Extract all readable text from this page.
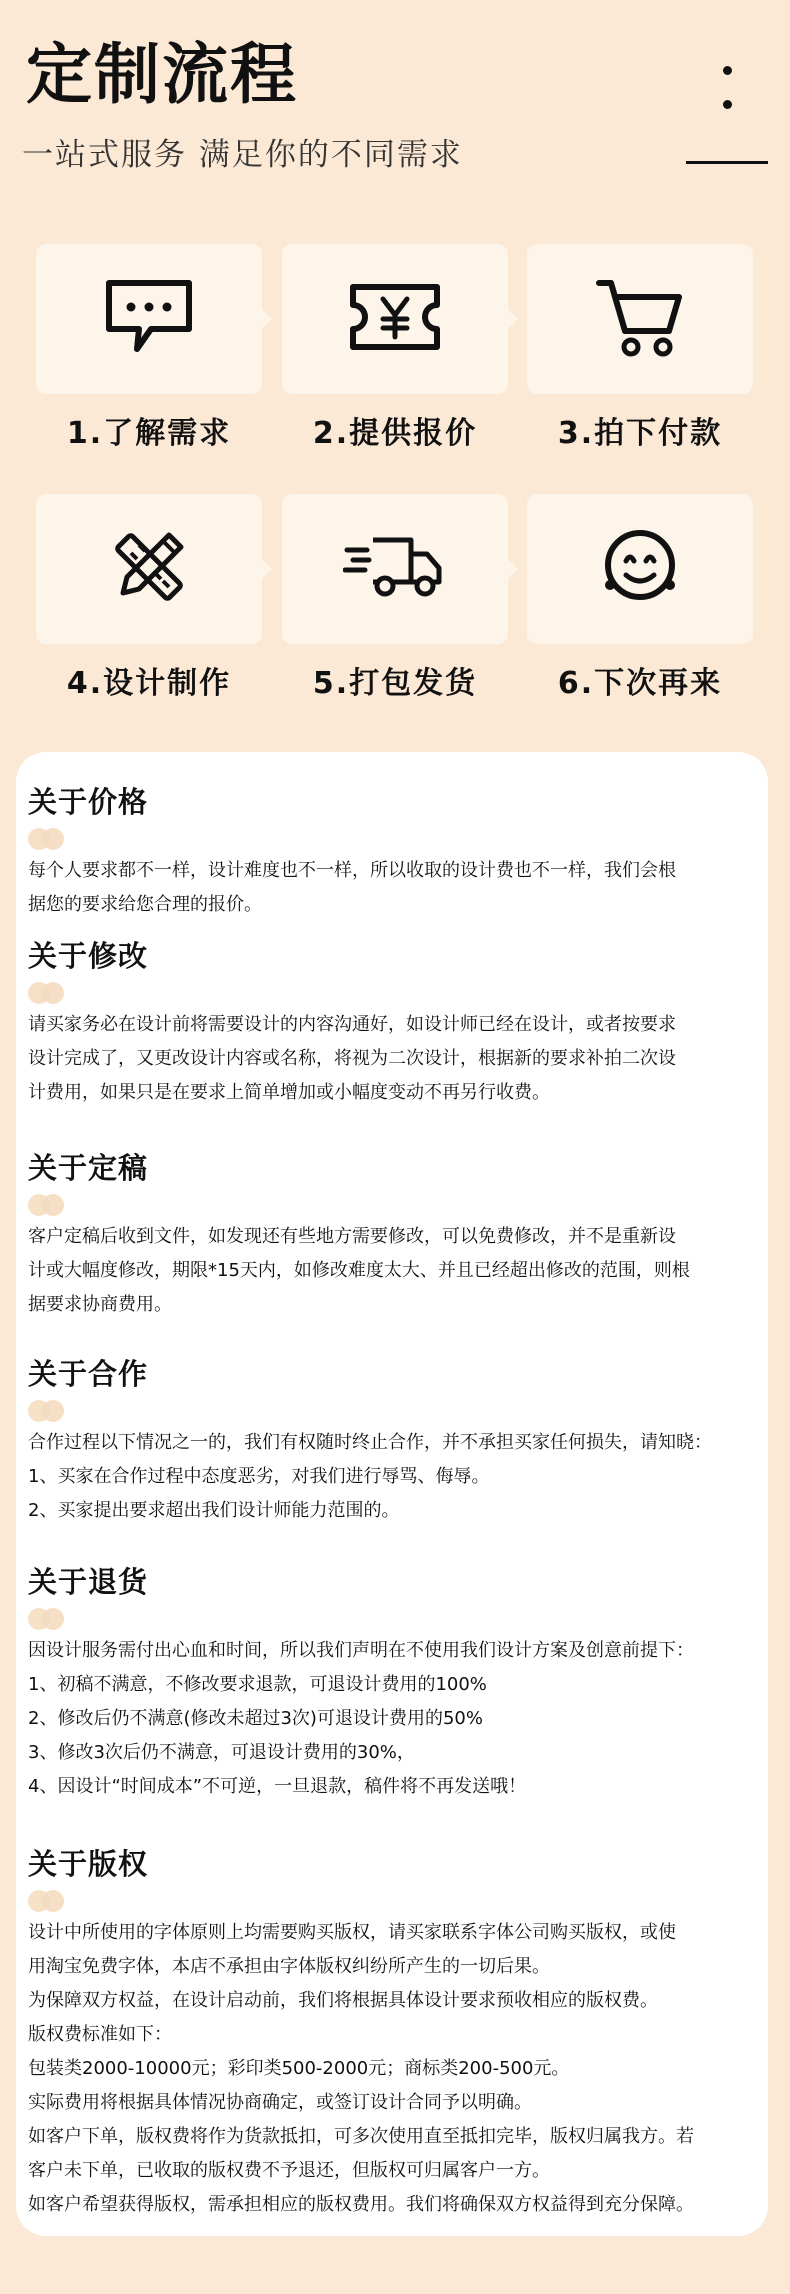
定制流程
一站式服务 满足你的不同需求
1.了解需求	2.提供报价	3.拍下付款
4.设计制作	5.打包发货	6.下次再来
关于价格
每个人要求都不一样，设计难度也不一样，所以收取的设计费也不一样，我们会根
据您的要求给您合理的报价。
关于修改
请买家务必在设计前将需要设计的内容沟通好，如设计师已经在设计，或者按要求
设计完成了，又更改设计内容或名称，将视为二次设计，根据新的要求补拍二次设
计费用，如果只是在要求上简单增加或小幅度变动不再另行收费。
关于定稿
客户定稿后收到文件，如发现还有些地方需要修改，可以免费修改，并不是重新设
计或大幅度修改，期限*15天内，如修改难度太大、并且已经超出修改的范围，则根
据要求协商费用。
关于合作
合作过程以下情况之一的，我们有权随时终止合作，并不承担买家任何损失，请知晓：
1、买家在合作过程中态度恶劣，对我们进行辱骂、侮辱。
2、买家提出要求超出我们设计师能力范围的。
关于退货
因设计服务需付出心血和时间，所以我们声明在不使用我们设计方案及创意前提下：
1、初稿不满意，不修改要求退款，可退设计费用的100%
2、修改后仍不满意(修改未超过3次)可退设计费用的50%
3、修改3次后仍不满意，可退设计费用的30%，
4、因设计“时间成本”不可逆，一旦退款，稿件将不再发送哦！
关于版权
设计中所使用的字体原则上均需要购买版权，请买家联系字体公司购买版权，或使
用淘宝免费字体，本店不承担由字体版权纠纷所产生的一切后果。
为保障双方权益，在设计启动前，我们将根据具体设计要求预收相应的版权费。
版权费标准如下：
包装类2000-10000元；彩印类500-2000元；商标类200-500元。
实际费用将根据具体情况协商确定，或签订设计合同予以明确。
如客户下单，版权费将作为货款抵扣，可多次使用直至抵扣完毕，版权归属我方。若
客户未下单，已收取的版权费不予退还，但版权可归属客户一方。
如客户希望获得版权，需承担相应的版权费用。我们将确保双方权益得到充分保障。
